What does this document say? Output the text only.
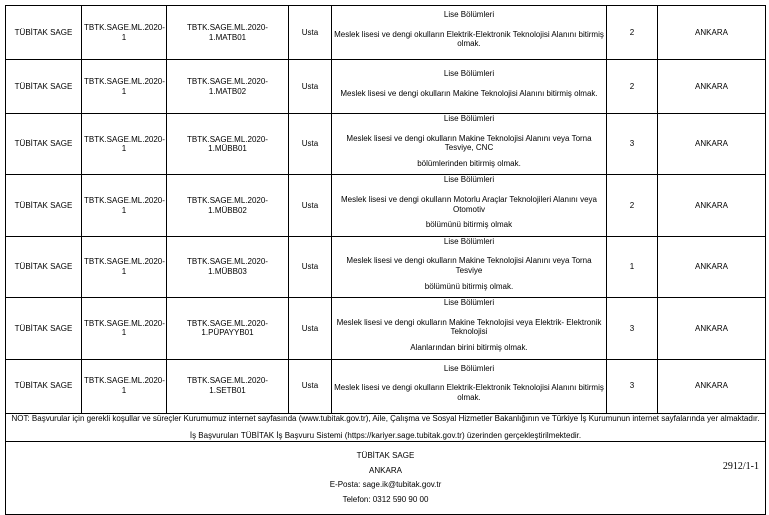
TÜBİTAK SAGE	TBTK.SAGE.ML.2020-1	TBTK.SAGE.ML.2020-1.MATB01	Usta	Lise Bölümleri
Meslek lisesi ve dengi okulların Elektrik-Elektronik Teknolojisi Alanını bitirmiş olmak.	2	ANKARA
TÜBİTAK SAGE	TBTK.SAGE.ML.2020-1	TBTK.SAGE.ML.2020-1.MATB02	Usta	Lise Bölümleri
Meslek lisesi ve dengi okulların Makine Teknolojisi Alanını bitirmiş olmak.	2	ANKARA
TÜBİTAK SAGE	TBTK.SAGE.ML.2020-1	TBTK.SAGE.ML.2020-1.MÜBB01	Usta	Lise Bölümleri
Meslek lisesi ve dengi okulların Makine Teknolojisi Alanını veya Torna Tesviye, CNC
bölümlerinden bitirmiş olmak.	3	ANKARA
TÜBİTAK SAGE	TBTK.SAGE.ML.2020-1	TBTK.SAGE.ML.2020-1.MÜBB02	Usta	Lise Bölümleri
Meslek lisesi ve dengi okulların Motorlu Araçlar Teknolojileri Alanını veya Otomotiv
bölümünü bitirmiş olmak	2	ANKARA
TÜBİTAK SAGE	TBTK.SAGE.ML.2020-1	TBTK.SAGE.ML.2020-1.MÜBB03	Usta	Lise Bölümleri
Meslek lisesi ve dengi okulların Makine Teknolojisi Alanını veya Torna Tesviye
bölümünü bitirmiş olmak.	1	ANKARA
TÜBİTAK SAGE	TBTK.SAGE.ML.2020-1	TBTK.SAGE.ML.2020-
1.PÜPAYYB01	Usta	Lise Bölümleri
Meslek lisesi ve dengi okulların Makine Teknolojisi veya Elektrik- Elektronik Teknolojisi
Alanlarından birini bitirmiş olmak.	3	ANKARA
TÜBİTAK SAGE	TBTK.SAGE.ML.2020-1	TBTK.SAGE.ML.2020-1.SETB01	Usta	Lise Bölümleri
Meslek lisesi ve dengi okulların Elektrik-Elektronik Teknolojisi Alanını bitirmiş olmak.	3	ANKARA

NOT: Başvurular için gerekli koşullar ve süreçler Kurumumuz internet sayfasında (www.tubitak.gov.tr), Aile, Çalışma ve Sosyal Hizmetler Bakanlığının ve Türkiye İş Kurumunun internet sayfalarında yer almaktadır.
İş Başvuruları TÜBİTAK İş Başvuru Sistemi (https://kariyer.sage.tubitak.gov.tr) üzerinden gerçekleştirilmektedir.						

TÜBİTAK SAGE
ANKARA
E-Posta: sage.ik@tubitak.gov.tr
Telefon: 0312 590 90 00						
2912/1-1
